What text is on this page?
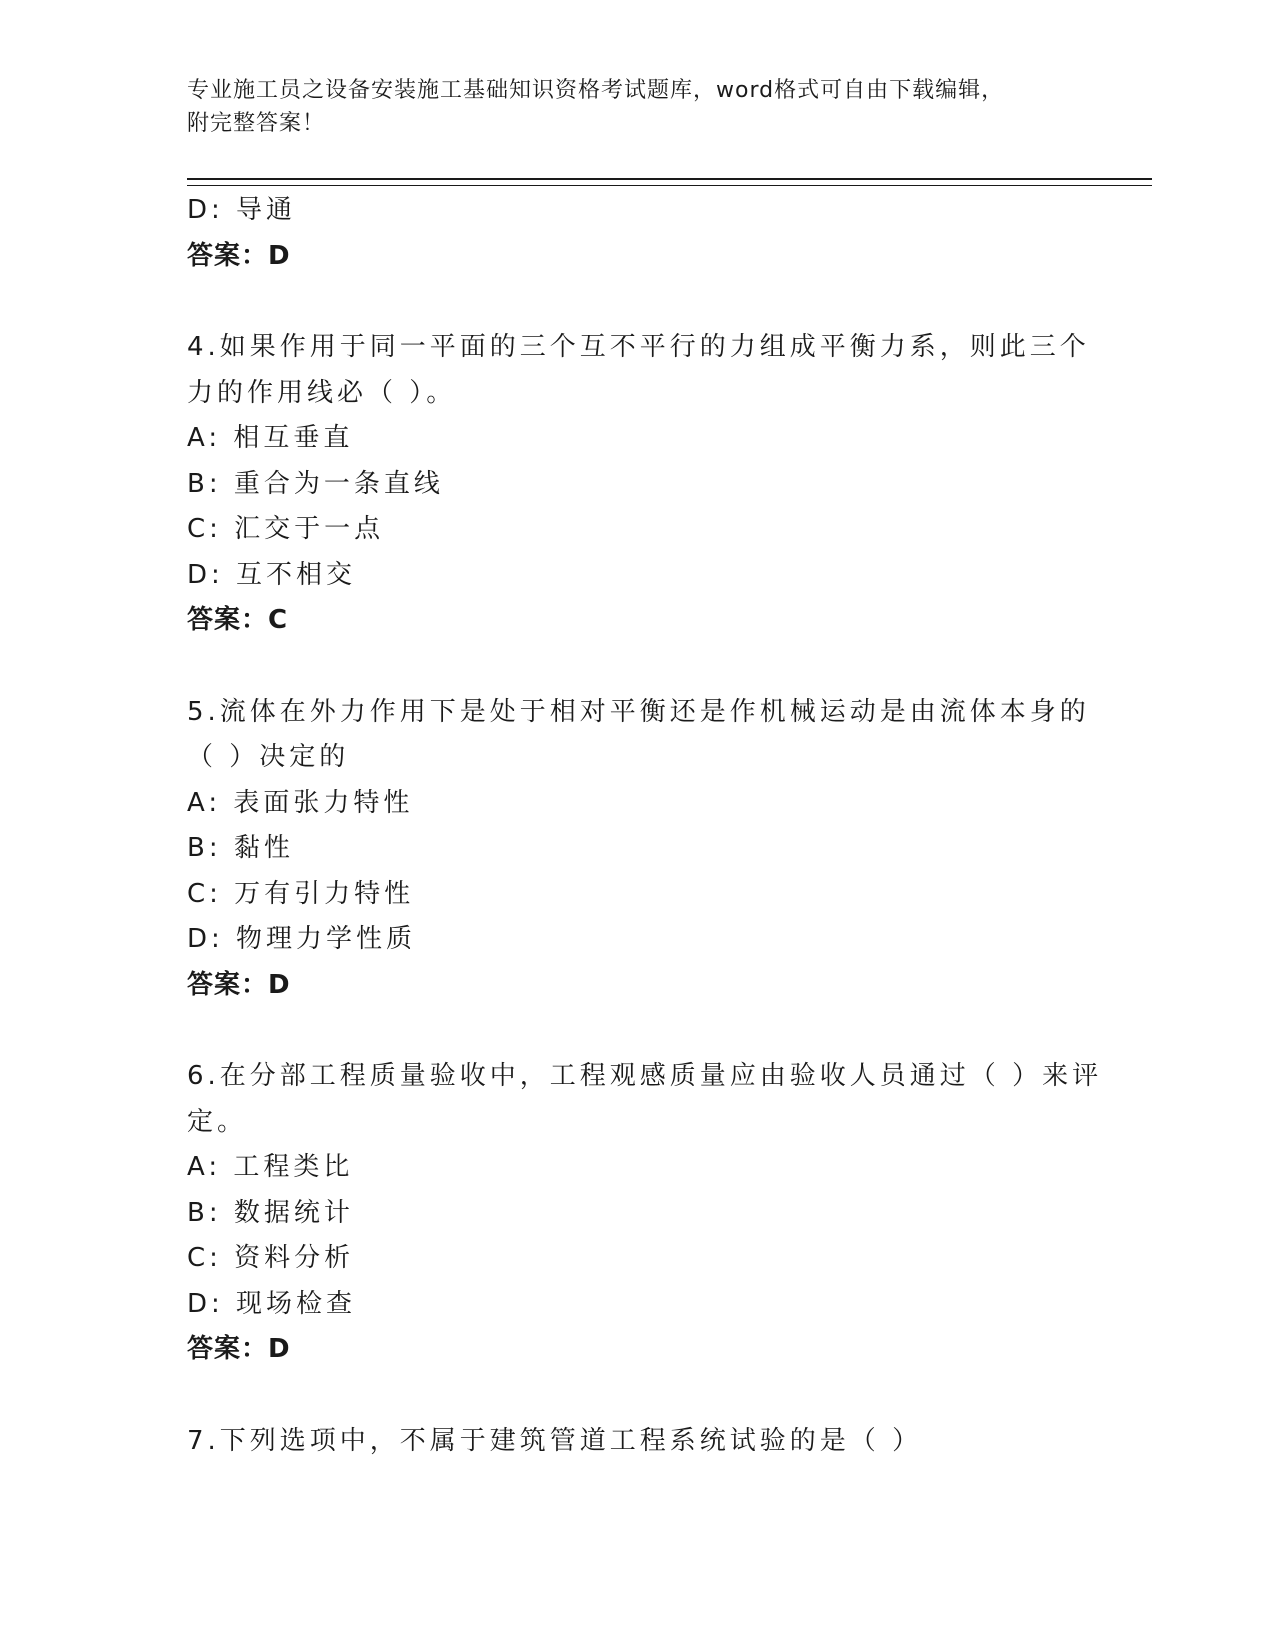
专业施工员之设备安装施工基础知识资格考试题库，word格式可自由下载编辑，
附完整答案！
D: 导通
答案：D
4.如果作用于同一平面的三个互不平行的力组成平衡力系，则此三个
力的作用线必（ ）。
A: 相互垂直
B: 重合为一条直线
C: 汇交于一点
D: 互不相交
答案：C
5.流体在外力作用下是处于相对平衡还是作机械运动是由流体本身的
（ ）决定的
A: 表面张力特性
B: 黏性
C: 万有引力特性
D: 物理力学性质
答案：D
6.在分部工程质量验收中，工程观感质量应由验收人员通过（ ）来评
定。
A: 工程类比
B: 数据统计
C: 资料分析
D: 现场检查
答案：D
7.下列选项中，不属于建筑管道工程系统试验的是（ ）
